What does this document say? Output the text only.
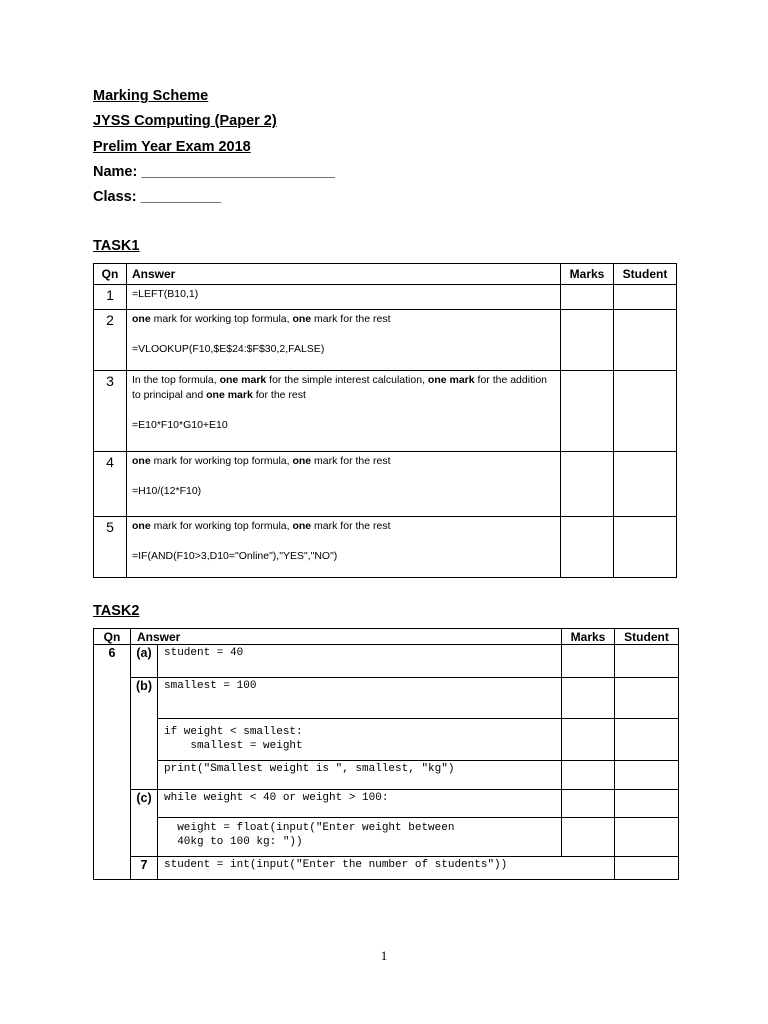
Marking Scheme
JYSS Computing (Paper 2)
Prelim Year Exam 2018
Name: ________________________
Class: __________
TASK1
Qn	Answer	Marks	Student
1	=LEFT(B10,1)		

2	one mark for working top formula, one mark for the rest

=VLOOKUP(F10,$E$24:$F$30,2,FALSE)		

3	In the top formula, one mark for the simple interest calculation, one mark for the addition to principal and one mark for the rest

=E10*F10*G10+E10		

4	one mark for working top formula, one mark for the rest

=H10/(12*F10)		

5	one mark for working top formula, one mark for the rest

=IF(AND(F10>3,D10="Online"),"YES","NO")		

TASK2
Qn	Answer		Marks	Student	
6	(a)	student = 40			
	(b)	smallest = 100			
		if weight < smallest:
smallest = weight			
		print("Smallest weight is ", smallest, "kg")			
	(c)	while weight < 40 or weight > 100:			
		weight = float(input("Enter weight between
40kg to 100 kg: "))			
	7	student = int(input("Enter the number of students"))			
1
